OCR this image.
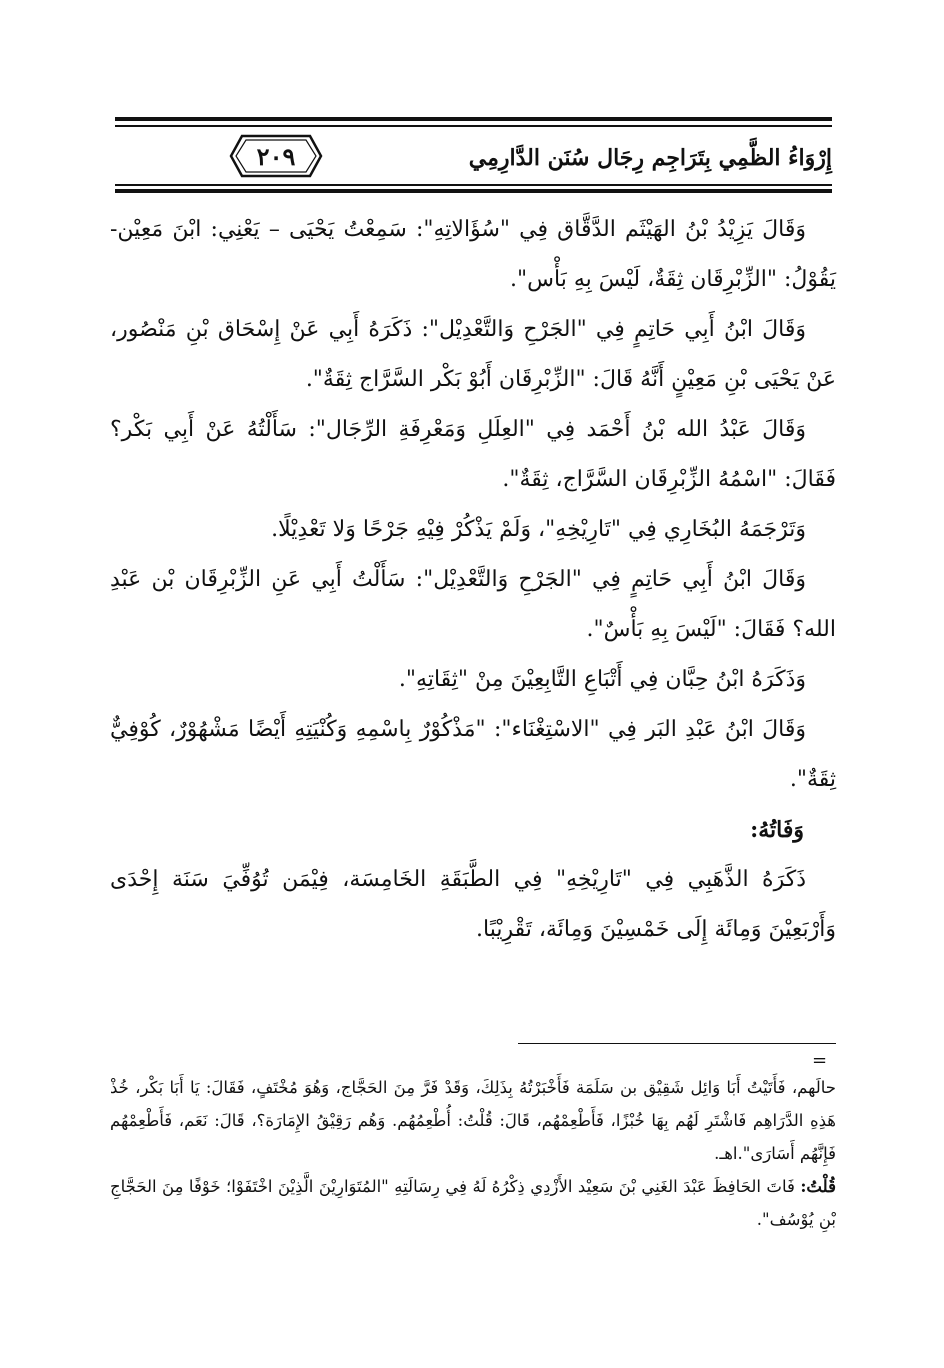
٢٠٩	إِرْوَاءُ الظَّمِي بِتَرَاجِم رِجَال سُنَن الدَّارِمِي

وَقَالَ يَزِيْدُ بْنُ الهَيْثَم الدَّقَّاق فِي "سُؤَالاتِهِ": سَمِعْتُ يَحْيَى – يَعْنِي: ابْنَ مَعِيْن- يَقُوْلُ: "الزِّبْرِقَان ثِقَةٌ، لَيْسَ بِهِ بَأْس".

وَقَالَ ابْنُ أَبِي حَاتِمٍ فِي "الجَرْحِ وَالتَّعْدِيْل": ذَكَرَهُ أَبِي عَنْ إِسْحَاق بْنِ مَنْصُور، عَنْ يَحْيَى بْنِ مَعِيْنٍ أَنَّهُ قَالَ: "الزِّبْرِقَان أَبُوْ بَكْر السَّرَّاج ثِقَةٌ".

وَقَالَ عَبْدُ الله بْنُ أَحْمَد فِي "العِلَلِ وَمَعْرِفَةِ الرِّجَال": سَأَلْتُهُ عَنْ أَبِي بَكْر؟ فَقَالَ: "اسْمُهُ الزِّبْرِقَان السَّرَّاج، ثِقَةٌ".

وَتَرْجَمَهُ البُخَارِي فِي "تَارِيْخِهِ"، وَلَمْ يَذْكُرْ فِيْهِ جَرْحًا وَلا تَعْدِيْلًا.

وَقَالَ ابْنُ أَبِي حَاتِمٍ فِي "الجَرْحِ وَالتَّعْدِيْل": سَأَلْتُ أَبِي عَنِ الزِّبْرِقَان بْن عَبْدِ الله؟ فَقَالَ: "لَيْسَ بِهِ بَأْسٌ".

وَذَكَرَهُ ابْنُ حِبَّان فِي أَتْبَاعِ التَّابِعِيْنَ مِنْ "ثِقَاتِهِ".

وَقَالَ ابْنُ عَبْدِ البَر فِي "الاسْتِغْنَاء": "مَذْكُوْرٌ بِاسْمِهِ وَكُنْيَتِهِ أَيْضًا مَشْهُوْرٌ، كُوْفِيٌّ ثِقَةٌ".

وَفَاتُهُ:

ذَكَرَهُ الذَّهَبِي فِي "تَارِيْخِهِ" فِي الطَّبَقَةِ الخَامِسَة، فِيْمَن تُوُفِّيَ سَنَة إِحْدَى وَأَرْبَعِيْنَ وَمِائَة إِلَى خَمْسِيْنَ وَمِائَة، تَقْرِيْبًا.

=

حالَهم، فَأَتَيْتُ أَبَا وَائِل شَقِيْق بن سَلَمَة فَأَخْبَرْتُهُ بِذَلِكَ، وَقَدْ فَرَّ مِنَ الحَجَّاج، وَهُوَ مُخْتَفٍ، فَقَالَ: يَا أَبَا بَكْر، خُذْ هَذِهِ الدَّرَاهِم فَاشْتَرِ لَهُم بِهَا خُبْزًا، فَأَطْعِمْهُم، قَالَ: قُلْتُ: أُطْعِمُهُم. وَهُم رَقِيْقُ الإِمَارَة؟، قَالَ: نَعَم، فَأَطْعِمْهُم فَإِنَّهُم أَسَارَى".اهـ.

قُلْتُ: فَاتَ الحَافِظَ عَبْدَ الغَنِي بْنَ سَعِيْد الأَزْدِي ذِكْرُهُ لَهُ فِي رِسَالَتِهِ "المُتَوَارِيْنَ الَّذِيْنَ اخْتَفَوْا؛ خَوْفًا مِنَ الحَجَّاجِ بْنِ يُوْسُف".
